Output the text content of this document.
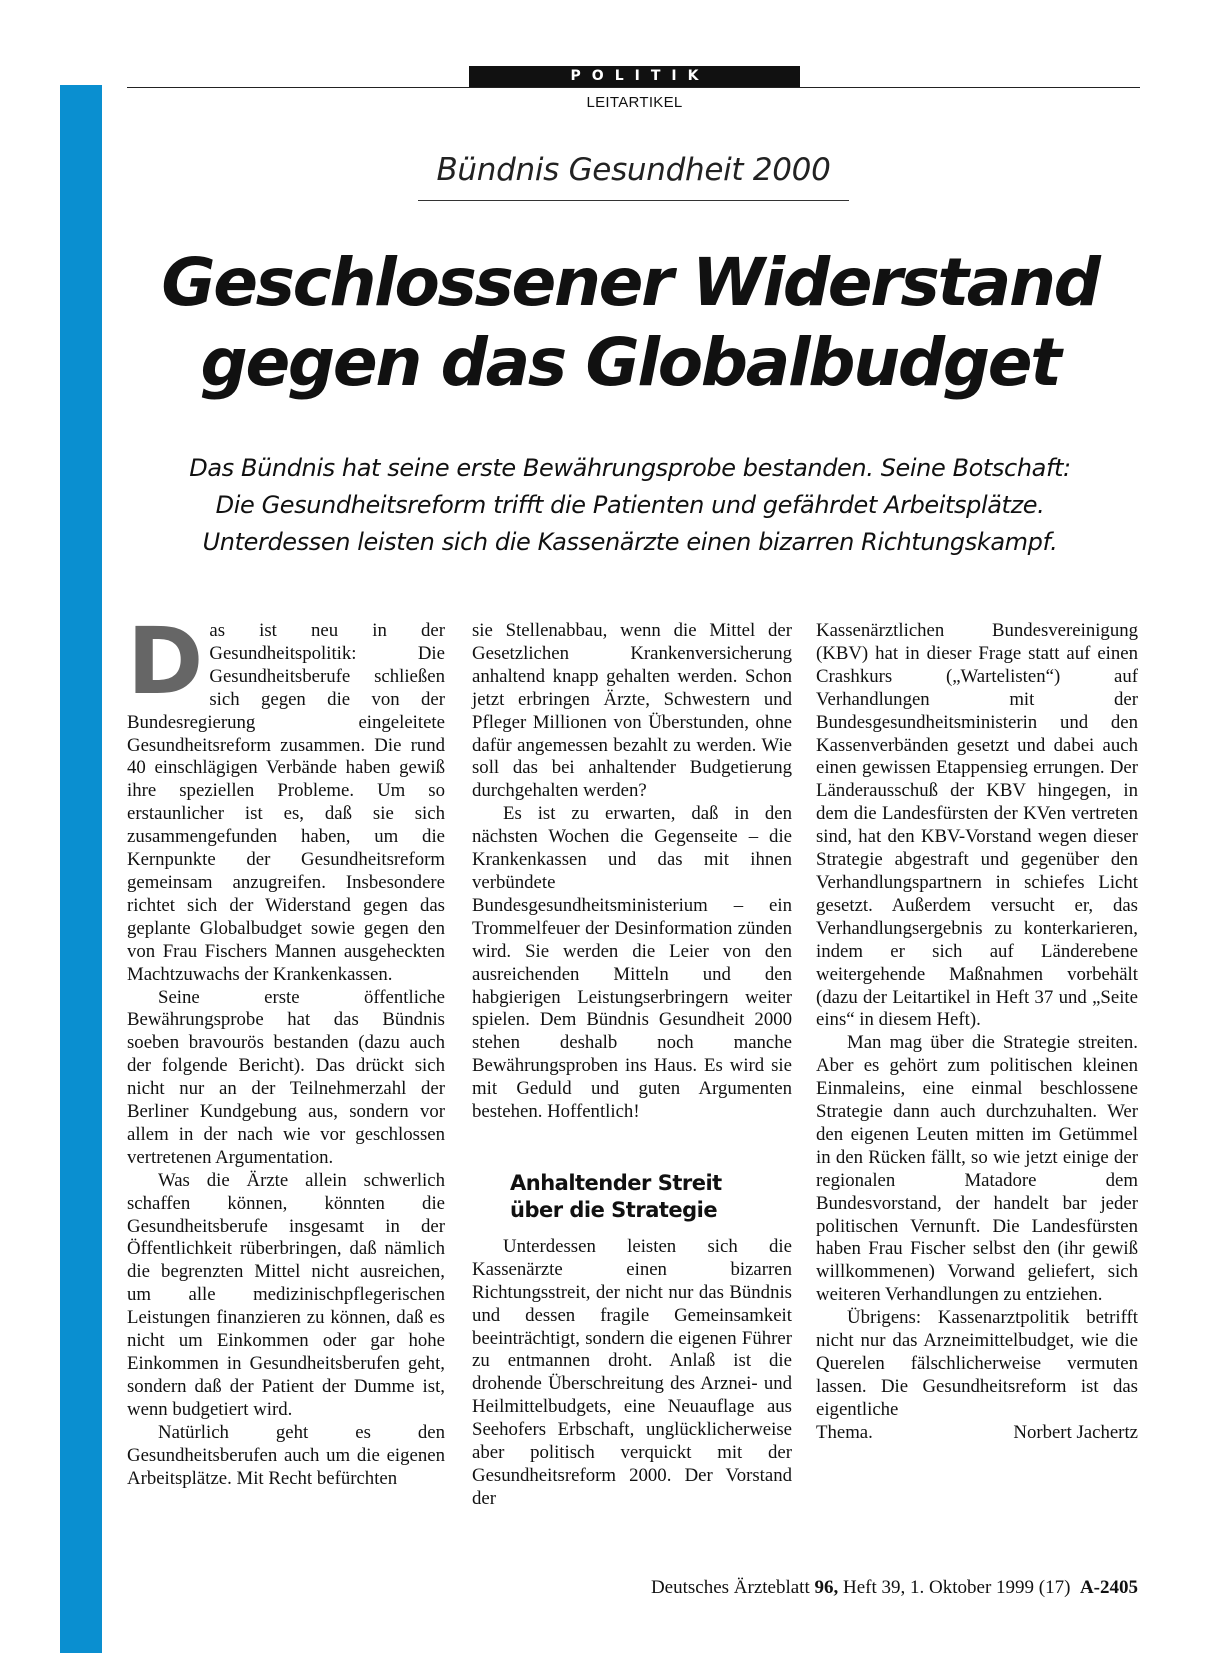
POLITIK
LEITARTIKEL
Bündnis Gesundheit 2000
Geschlossener Widerstand
gegen das Globalbudget
Das Bündnis hat seine erste Bewährungsprobe bestanden. Seine Botschaft:
Die Gesundheitsreform trifft die Patienten und gefährdet Arbeitsplätze.
Unterdessen leisten sich die Kassenärzte einen bizarren Richtungskampf.

Das ist neu in der Gesundheitspolitik: Die Gesundheitsberufe schließen sich gegen die von der Bundesregierung eingeleitete Gesundheitsreform zusammen. Die rund 40 einschlägigen Verbände haben gewiß ihre speziellen Probleme. Um so erstaunlicher ist es, daß sie sich zusammengefunden haben, um die Kernpunkte der Gesundheitsreform gemeinsam anzugreifen. Insbesondere richtet sich der Widerstand gegen das geplante Globalbudget sowie gegen den von Frau Fischers Mannen ausgeheckten Machtzuwachs der Krankenkassen.

Seine erste öffentliche Bewährungsprobe hat das Bündnis soeben bravourös bestanden (dazu auch der folgende Bericht). Das drückt sich nicht nur an der Teilnehmerzahl der Berliner Kundgebung aus, sondern vor allem in der nach wie vor geschlossen vertretenen Argumentation.

Was die Ärzte allein schwerlich schaffen können, könnten die Gesundheitsberufe insgesamt in der Öffentlichkeit rüberbringen, daß nämlich die begrenzten Mittel nicht ausreichen, um alle medizinischpflegerischen Leistungen finanzieren zu können, daß es nicht um Einkommen oder gar hohe Einkommen in Gesundheitsberufen geht, sondern daß der Patient der Dumme ist, wenn budgetiert wird.

Natürlich geht es den Gesundheitsberufen auch um die eigenen Arbeitsplätze. Mit Recht befürchten

sie Stellenabbau, wenn die Mittel der Gesetzlichen Krankenversicherung anhaltend knapp gehalten werden. Schon jetzt erbringen Ärzte, Schwestern und Pfleger Millionen von Überstunden, ohne dafür angemessen bezahlt zu werden. Wie soll das bei anhaltender Budgetierung durchgehalten werden?

Es ist zu erwarten, daß in den nächsten Wochen die Gegenseite – die Krankenkassen und das mit ihnen verbündete Bundesgesundheitsministerium – ein Trommelfeuer der Desinformation zünden wird. Sie werden die Leier von den ausreichenden Mitteln und den habgierigen Leistungserbringern weiter spielen. Dem Bündnis Gesundheit 2000 stehen deshalb noch manche Bewährungsproben ins Haus. Es wird sie mit Geduld und guten Argumenten bestehen. Hoffentlich!

Anhaltender Streit
über die Strategie

Unterdessen leisten sich die Kassenärzte einen bizarren Richtungsstreit, der nicht nur das Bündnis und dessen fragile Gemeinsamkeit beeinträchtigt, sondern die eigenen Führer zu entmannen droht. Anlaß ist die drohende Überschreitung des Arznei- und Heilmittelbudgets, eine Neuauflage aus Seehofers Erbschaft, unglücklicherweise aber politisch verquickt mit der Gesundheitsreform 2000. Der Vorstand der

Kassenärztlichen Bundesvereinigung (KBV) hat in dieser Frage statt auf einen Crashkurs („Wartelisten“) auf Verhandlungen mit der Bundesgesundheitsministerin und den Kassenverbänden gesetzt und dabei auch einen gewissen Etappensieg errungen. Der Länderausschuß der KBV hingegen, in dem die Landesfürsten der KVen vertreten sind, hat den KBV-Vorstand wegen dieser Strategie abgestraft und gegenüber den Verhandlungspartnern in schiefes Licht gesetzt. Außerdem versucht er, das Verhandlungsergebnis zu konterkarieren, indem er sich auf Länderebene weitergehende Maßnahmen vorbehält (dazu der Leitartikel in Heft 37 und „Seite eins“ in diesem Heft).

Man mag über die Strategie streiten. Aber es gehört zum politischen kleinen Einmaleins, eine einmal beschlossene Strategie dann auch durchzuhalten. Wer den eigenen Leuten mitten im Getümmel in den Rücken fällt, so wie jetzt einige der regionalen Matadore dem Bundesvorstand, der handelt bar jeder politischen Vernunft. Die Landesfürsten haben Frau Fischer selbst den (ihr gewiß willkommenen) Vorwand geliefert, sich weiteren Verhandlungen zu entziehen.

Übrigens: Kassenarztpolitik betrifft nicht nur das Arzneimittelbudget, wie die Querelen fälschlicherweise vermuten lassen. Die Gesundheitsreform ist das eigentliche

Thema.	Norbert Jachertz
Deutsches Ärzteblatt 96, Heft 39, 1. Oktober 1999 (17) A-2405
